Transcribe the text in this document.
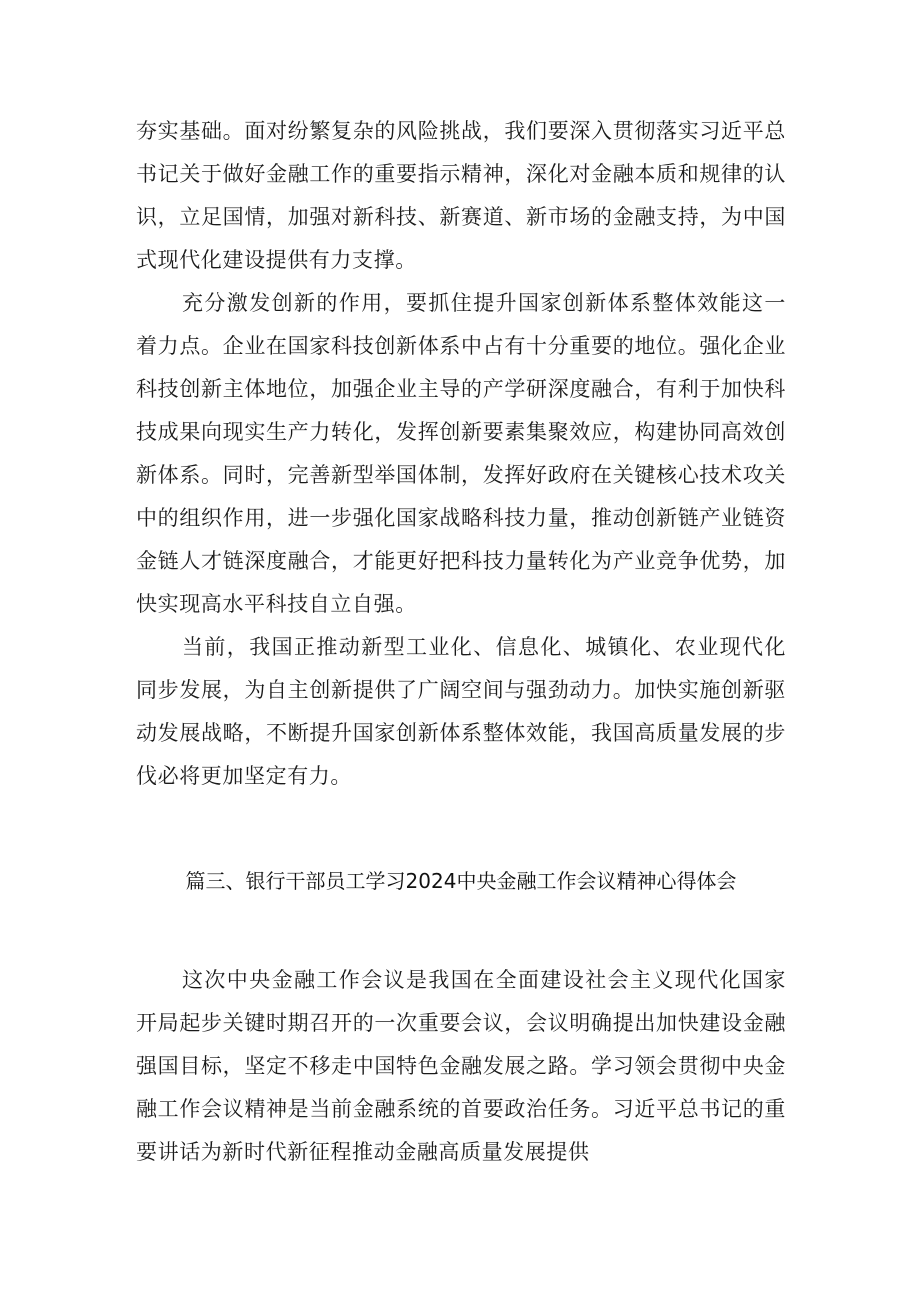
夯实基础。面对纷繁复杂的风险挑战，我们要深入贯彻落实习近平总书记关于做好金融工作的重要指示精神，深化对金融本质和规律的认识，立足国情，加强对新科技、新赛道、新市场的金融支持，为中国式现代化建设提供有力支撑。

充分激发创新的作用，要抓住提升国家创新体系整体效能这一着力点。企业在国家科技创新体系中占有十分重要的地位。强化企业科技创新主体地位，加强企业主导的产学研深度融合，有利于加快科技成果向现实生产力转化，发挥创新要素集聚效应，构建协同高效创新体系。同时，完善新型举国体制，发挥好政府在关键核心技术攻关中的组织作用，进一步强化国家战略科技力量，推动创新链产业链资金链人才链深度融合，才能更好把科技力量转化为产业竞争优势，加快实现高水平科技自立自强。

当前，我国正推动新型工业化、信息化、城镇化、农业现代化同步发展，为自主创新提供了广阔空间与强劲动力。加快实施创新驱动发展战略，不断提升国家创新体系整体效能，我国高质量发展的步伐必将更加坚定有力。

篇三、银行干部员工学习2024中央金融工作会议精神心得体会

这次中央金融工作会议是我国在全面建设社会主义现代化国家开局起步关键时期召开的一次重要会议，会议明确提出加快建设金融强国目标，坚定不移走中国特色金融发展之路。学习领会贯彻中央金融工作会议精神是当前金融系统的首要政治任务。习近平总书记的重要讲话为新时代新征程推动金融高质量发展提供
